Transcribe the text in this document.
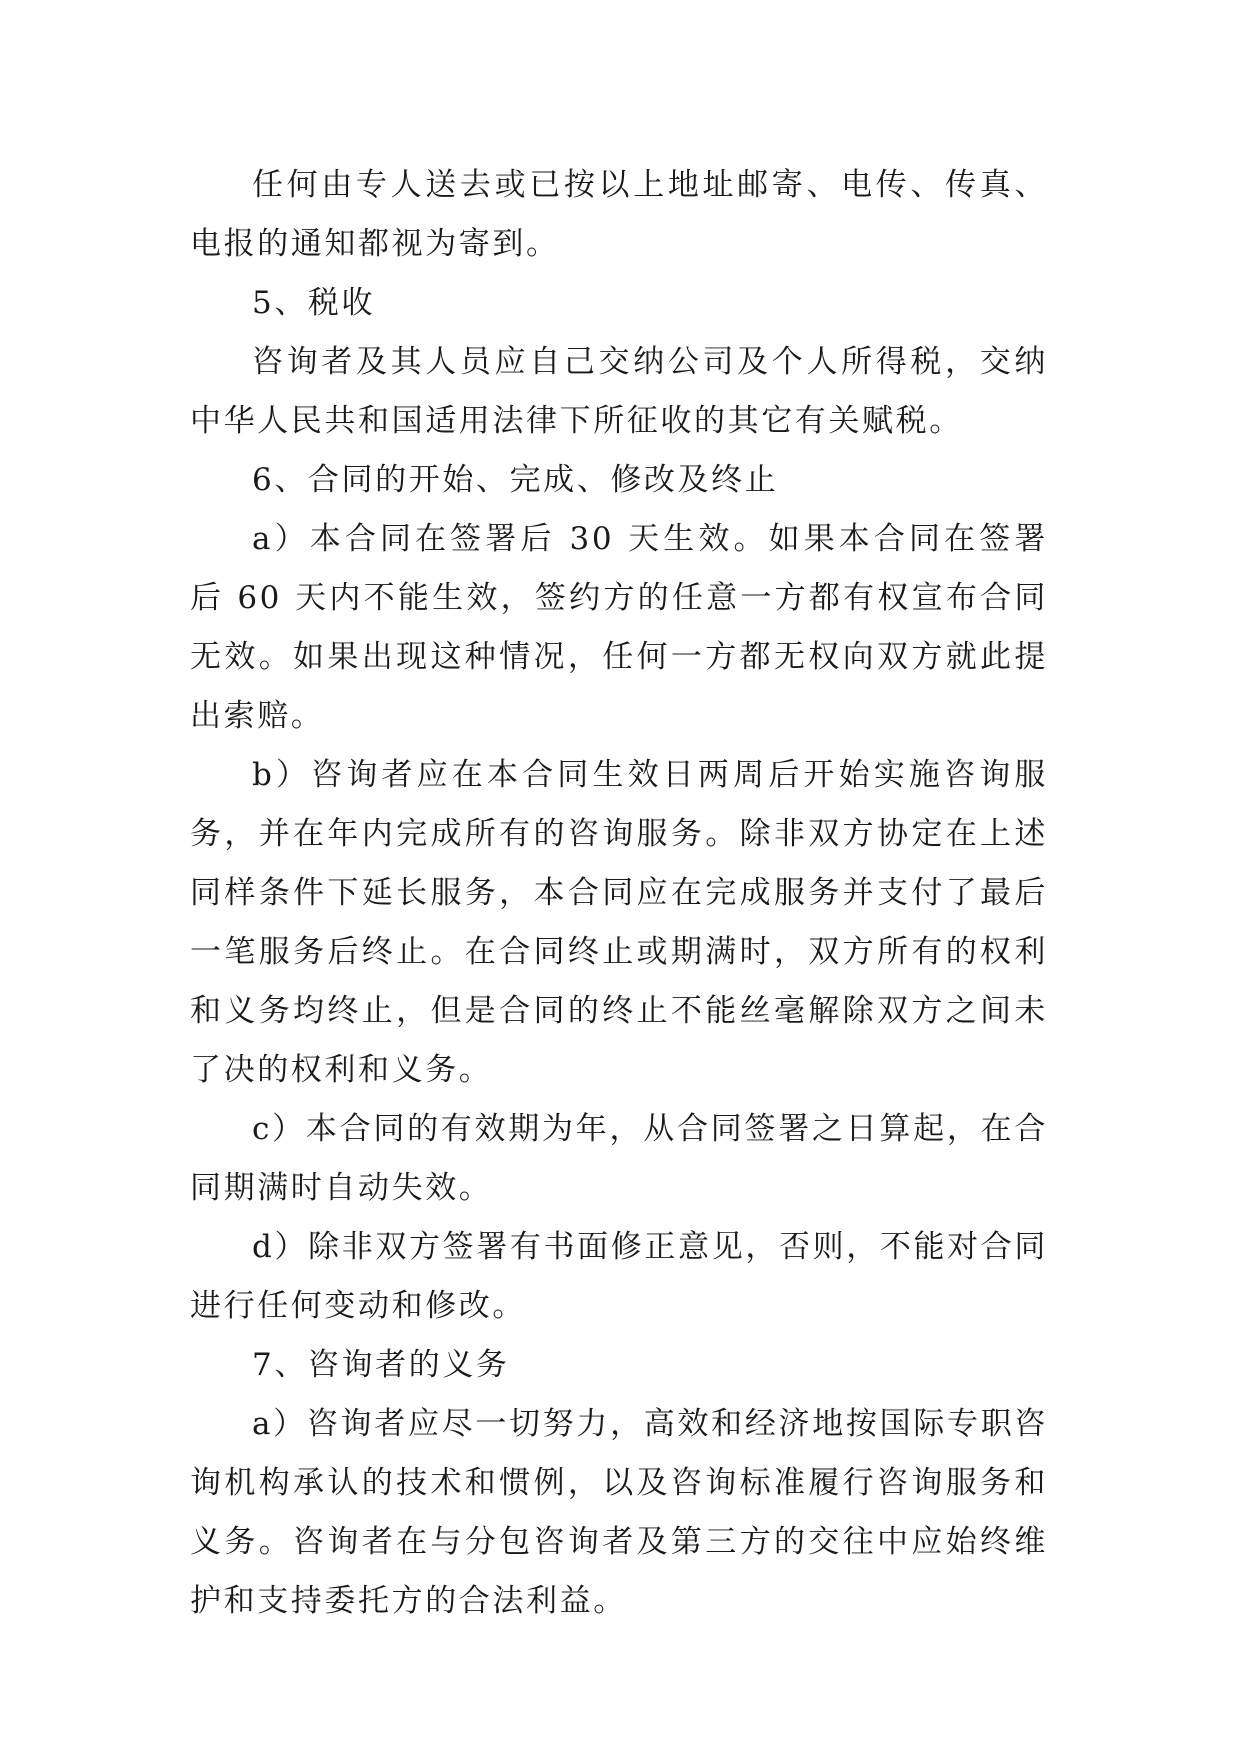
任何由专人送去或已按以上地址邮寄、电传、传真、电报的通知都视为寄到。

5、税收

咨询者及其人员应自己交纳公司及个人所得税，交纳中华人民共和国适用法律下所征收的其它有关赋税。

6、合同的开始、完成、修改及终止

a）本合同在签署后 30 天生效。如果本合同在签署后 60 天内不能生效，签约方的任意一方都有权宣布合同无效。如果出现这种情况，任何一方都无权向双方就此提出索赔。

b）咨询者应在本合同生效日两周后开始实施咨询服务，并在年内完成所有的咨询服务。除非双方协定在上述同样条件下延长服务，本合同应在完成服务并支付了最后一笔服务后终止。在合同终止或期满时，双方所有的权利和义务均终止，但是合同的终止不能丝毫解除双方之间未了决的权利和义务。

c）本合同的有效期为年，从合同签署之日算起，在合同期满时自动失效。

d）除非双方签署有书面修正意见，否则，不能对合同进行任何变动和修改。

7、咨询者的义务

a）咨询者应尽一切努力，高效和经济地按国际专职咨询机构承认的技术和惯例，以及咨询标准履行咨询服务和义务。咨询者在与分包咨询者及第三方的交往中应始终维护和支持委托方的合法利益。
